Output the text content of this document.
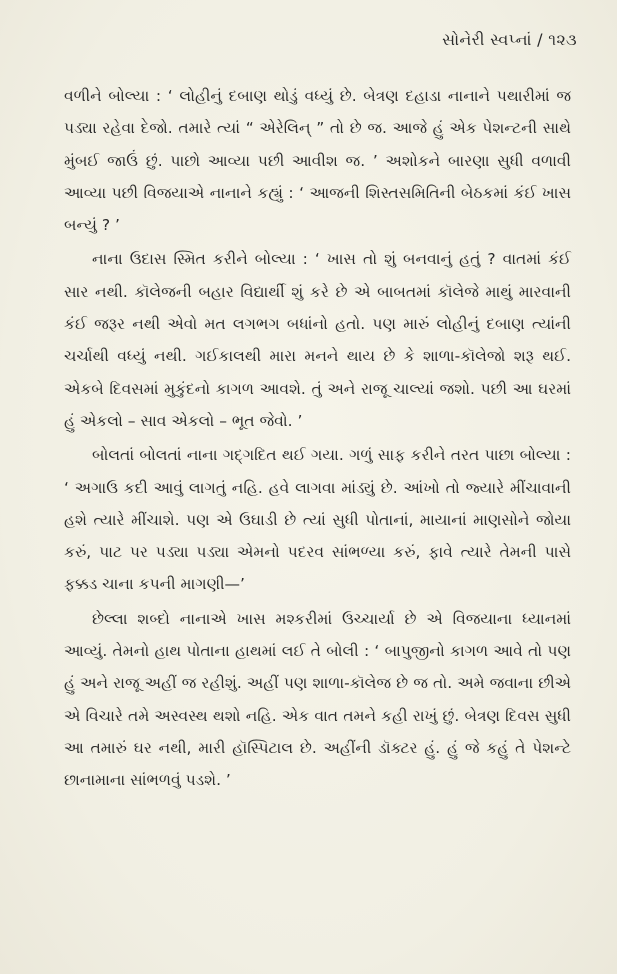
સોનેરી સ્વપ્નાં / ૧૨૩

વળીને બોલ્યા : ‘ લોહીનું દબાણ થોડું વધ્યું છે. બેત્રણ દહાડા નાનાને પથારીમાં જ પડ્યા રહેવા દેજો. તમારે ત્યાં “ એરેલિન્ ” તો છે જ. આજે હું એક પેશન્ટની સાથે મુંબઈ જાઉં છું. પાછો આવ્યા પછી આવીશ જ. ’ અશોકને બારણા સુધી વળાવી આવ્યા પછી વિજયાએ નાનાને કહ્યું : ‘ આજની શિસ્તસમિતિની બેઠકમાં કંઈ ખાસ બન્યું ? ’

નાના ઉદાસ સ્મિત કરીને બોલ્યા : ‘ ખાસ તો શું બનવાનું હતું ? વાતમાં કંઈ સાર નથી. કૉલેજની બહાર વિદ્યાર્થી શું કરે છે એ બાબતમાં કૉલેજે માથું મારવાની કંઈ જરૂર નથી એવો મત લગભગ બધાંનો હતો. પણ મારું લોહીનું દબાણ ત્યાંની ચર્ચાથી વધ્યું નથી. ગઈકાલથી મારા મનને થાય છે કે શાળા-કૉલેજો શરૂ થઈ. એકબે દિવસમાં મુકુંદનો કાગળ આવશે. તું અને રાજૂ ચાલ્યાં જશો. પછી આ ઘરમાં હું એકલો – સાવ એકલો – ભૂત જેવો. ’

બોલતાં બોલતાં નાના ગદ્‌ગદિત થઈ ગયા. ગળું સાફ કરીને તરત પાછા બોલ્યા : ‘ અગાઉ કદી આવું લાગતું નહિ. હવે લાગવા માંડ્યું છે. આંખો તો જ્યારે મીંચાવાની હશે ત્યારે મીંચાશે. પણ એ ઉઘાડી છે ત્યાં સુધી પોતાનાં, માયાનાં માણસોને જોયા કરું, પાટ પર પડ્યા પડ્યા એમનો પદરવ સાંભળ્યા કરું, ફાવે ત્યારે તેમની પાસે ફક્કડ ચાના કપની માગણી—’

છેલ્લા શબ્દો નાનાએ ખાસ મશ્કરીમાં ઉચ્ચાર્યા છે એ વિજયાના ધ્યાનમાં આવ્યું. તેમનો હાથ પોતાના હાથમાં લઈ તે બોલી : ‘ બાપુજીનો કાગળ આવે તો પણ હું અને રાજૂ અહીં જ રહીશું. અહીં પણ શાળા-કૉલેજ છે જ તો. અમે જવાના છીએ એ વિચારે તમે અસ્વસ્થ થશો નહિ. એક વાત તમને કહી રાખું છું. બેત્રણ દિવસ સુધી આ તમારું ઘર નથી, મારી હૉસ્પિટાલ છે. અહીંની ડૉક્ટર હું. હું જે કહું તે પેશન્ટે છાનામાના સાંભળવું પડશે. ’
